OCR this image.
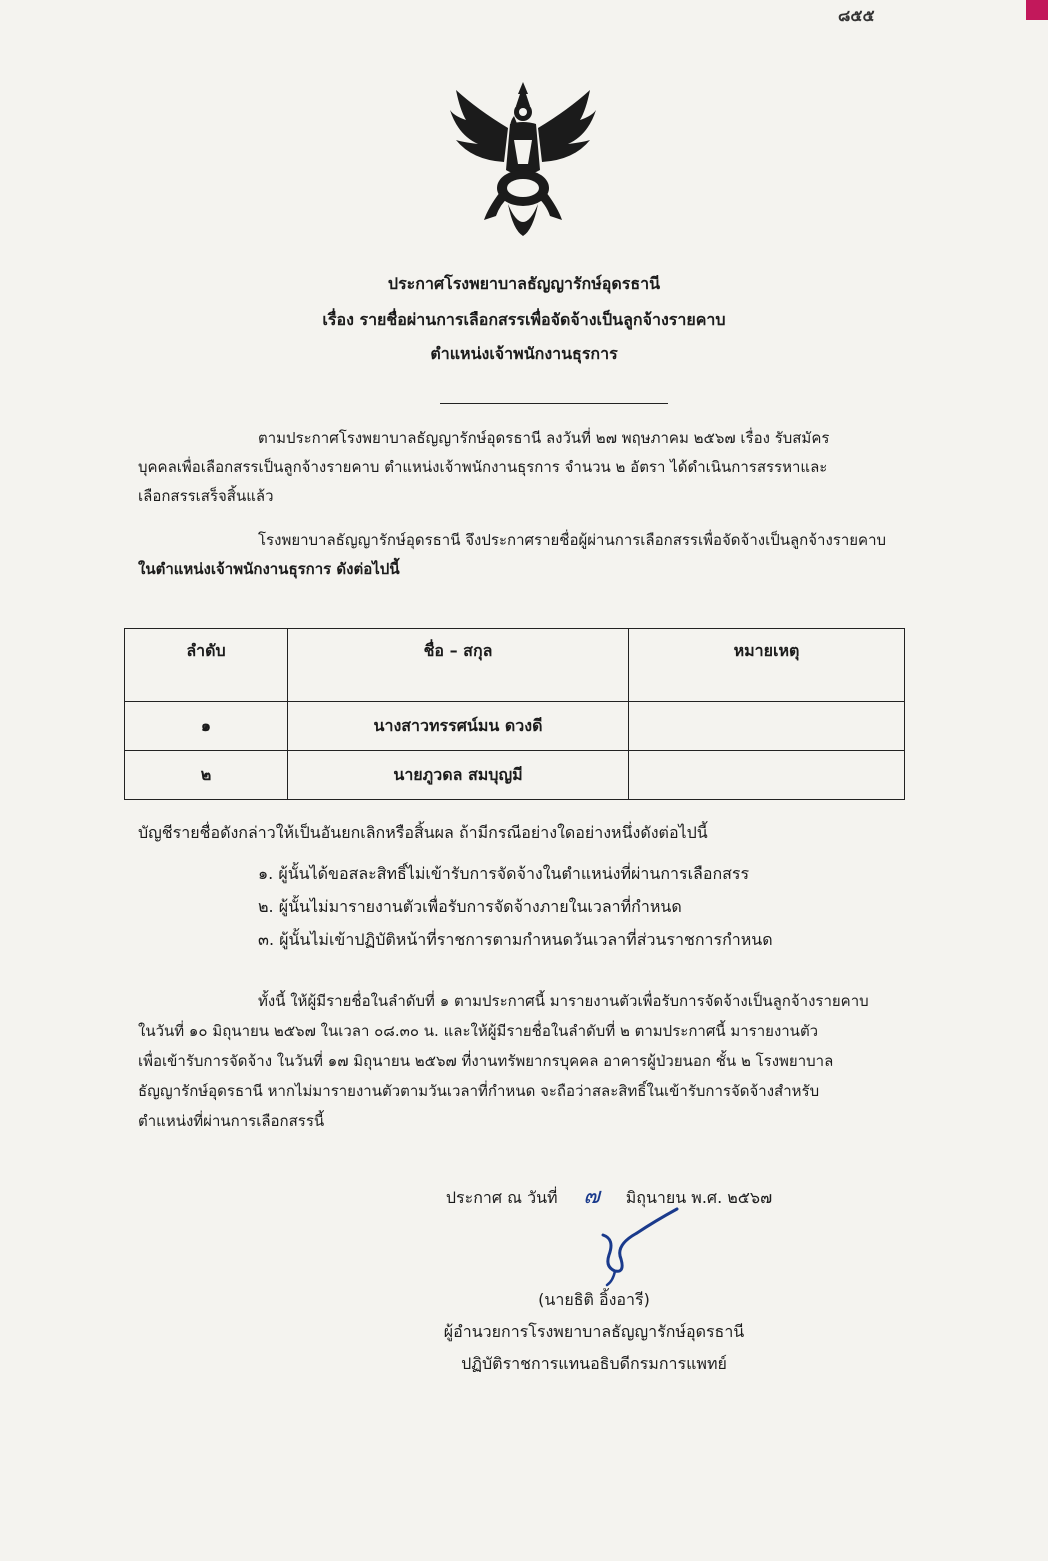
๘๕๕
ประกาศโรงพยาบาลธัญญารักษ์อุดรธานี
เรื่อง รายชื่อผ่านการเลือกสรรเพื่อจัดจ้างเป็นลูกจ้างรายคาบ
ตำแหน่งเจ้าพนักงานธุรการ

ตามประกาศโรงพยาบาลธัญญารักษ์อุดรธานี ลงวันที่ ๒๗ พฤษภาคม ๒๕๖๗ เรื่อง รับสมัคร
บุคคลเพื่อเลือกสรรเป็นลูกจ้างรายคาบ ตำแหน่งเจ้าพนักงานธุรการ จำนวน ๒ อัตรา ได้ดำเนินการสรรหาและ
เลือกสรรเสร็จสิ้นแล้ว

โรงพยาบาลธัญญารักษ์อุดรธานี จึงประกาศรายชื่อผู้ผ่านการเลือกสรรเพื่อจัดจ้างเป็นลูกจ้างรายคาบ
ในตำแหน่งเจ้าพนักงานธุรการ ดังต่อไปนี้

ลำดับ	ชื่อ – สกุล	หมายเหตุ
๑	นางสาวทรรศน์มน ดวงดี	
๒	นายภูวดล สมบุญมี	

บัญชีรายชื่อดังกล่าวให้เป็นอันยกเลิกหรือสิ้นผล ถ้ามีกรณีอย่างใดอย่างหนึ่งดังต่อไปนี้

๑. ผู้นั้นได้ขอสละสิทธิ์ไม่เข้ารับการจัดจ้างในตำแหน่งที่ผ่านการเลือกสรร

๒. ผู้นั้นไม่มารายงานตัวเพื่อรับการจัดจ้างภายในเวลาที่กำหนด

๓. ผู้นั้นไม่เข้าปฏิบัติหน้าที่ราชการตามกำหนดวันเวลาที่ส่วนราชการกำหนด

ทั้งนี้ ให้ผู้มีรายชื่อในลำดับที่ ๑ ตามประกาศนี้ มารายงานตัวเพื่อรับการจัดจ้างเป็นลูกจ้างรายคาบ
ในวันที่ ๑๐ มิถุนายน ๒๕๖๗ ในเวลา ๐๘.๓๐ น. และให้ผู้มีรายชื่อในลำดับที่ ๒ ตามประกาศนี้ มารายงานตัว
เพื่อเข้ารับการจัดจ้าง ในวันที่ ๑๗ มิถุนายน ๒๕๖๗ ที่งานทรัพยากรบุคคล อาคารผู้ป่วยนอก ชั้น ๒ โรงพยาบาล
ธัญญารักษ์อุดรธานี หากไม่มารายงานตัวตามวันเวลาที่กำหนด จะถือว่าสละสิทธิ์ในเข้ารับการจัดจ้างสำหรับ
ตำแหน่งที่ผ่านการเลือกสรรนี้

ประกาศ ณ วันที่ ๗ มิถุนายน พ.ศ. ๒๕๖๗
(นายธิติ อิ้งอารี)
ผู้อำนวยการโรงพยาบาลธัญญารักษ์อุดรธานี
ปฏิบัติราชการแทนอธิบดีกรมการแพทย์
